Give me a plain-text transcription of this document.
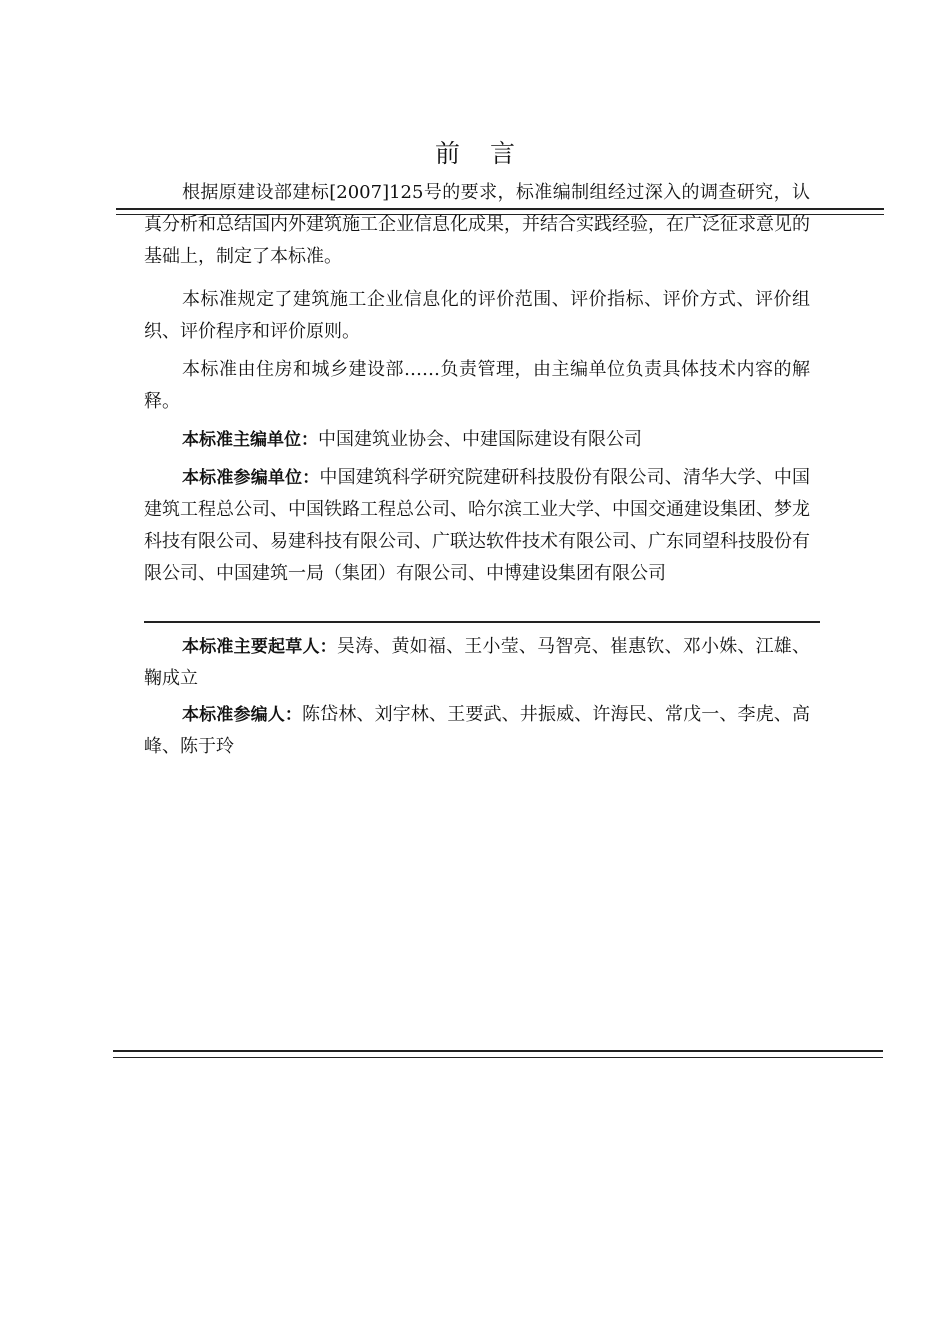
前言

根据原建设部建标[2007]125号的要求，标准编制组经过深入的调查研究，认真分析和总结国内外建筑施工企业信息化成果，并结合实践经验，在广泛征求意见的基础上，制定了本标准。

本标准规定了建筑施工企业信息化的评价范围、评价指标、评价方式、评价组织、评价程序和评价原则。

本标准由住房和城乡建设部……负责管理，由主编单位负责具体技术内容的解释。

本标准主编单位：中国建筑业协会、中建国际建设有限公司

本标准参编单位：中国建筑科学研究院建研科技股份有限公司、清华大学、中国建筑工程总公司、中国铁路工程总公司、哈尔滨工业大学、中国交通建设集团、梦龙科技有限公司、易建科技有限公司、广联达软件技术有限公司、广东同望科技股份有限公司、中国建筑一局（集团）有限公司、中博建设集团有限公司

本标准主要起草人：吴涛、黄如福、王小莹、马智亮、崔惠钦、邓小姝、江雄、鞠成立

本标准参编人：陈岱林、刘宇林、王要武、井振威、许海民、常戊一、李虎、高峰、陈于玲
